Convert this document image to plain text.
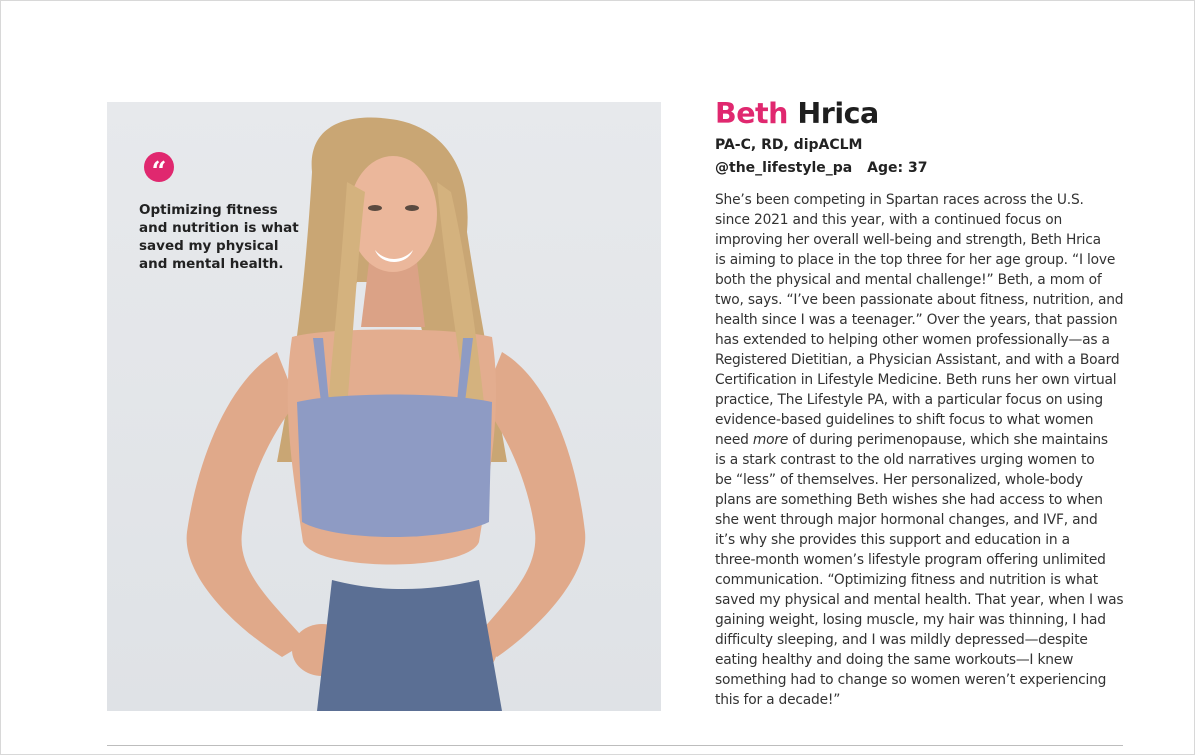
“
Optimizing fitness
and nutrition is what
saved my physical
and mental health.
Beth Hrica
PA-C, RD, dipACLM
@the_lifestyle_pa Age: 37
She’s been competing in Spartan races across the U.S.
since 2021 and this year, with a continued focus on
improving her overall well-being and strength, Beth Hrica
is aiming to place in the top three for her age group. “I love
both the physical and mental challenge!” Beth, a mom of
two, says. “I’ve been passionate about fitness, nutrition, and
health since I was a teenager.” Over the years, that passion
has extended to helping other women professionally—as a
Registered Dietitian, a Physician Assistant, and with a Board
Certification in Lifestyle Medicine. Beth runs her own virtual
practice, The Lifestyle PA, with a particular focus on using
evidence-based guidelines to shift focus to what women
need more of during perimenopause, which she maintains
is a stark contrast to the old narratives urging women to
be “less” of themselves. Her personalized, whole-body
plans are something Beth wishes she had access to when
she went through major hormonal changes, and IVF, and
it’s why she provides this support and education in a
three-month women’s lifestyle program offering unlimited
communication. “Optimizing fitness and nutrition is what
saved my physical and mental health. That year, when I was
gaining weight, losing muscle, my hair was thinning, I had
difficulty sleeping, and I was mildly depressed—despite
eating healthy and doing the same workouts—I knew
something had to change so women weren’t experiencing
this for a decade!”
